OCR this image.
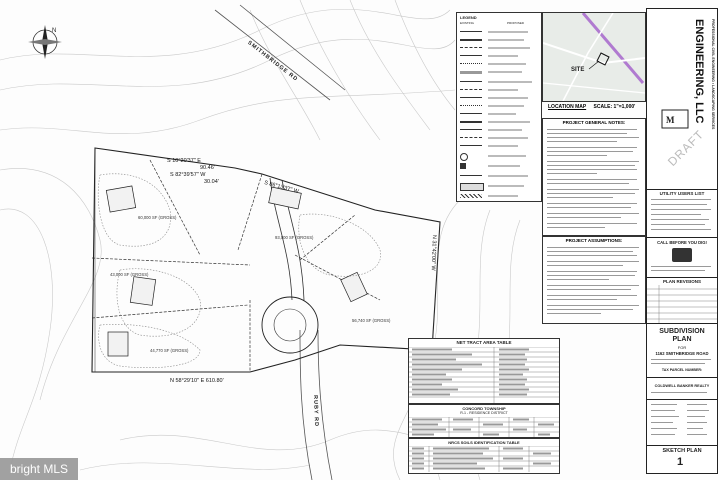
N
SMITHBRIDGE RD
RUBY RD
S 10°20'37" E
90.46'
S 82°39'57" W
30.04'	S 86°13'37" W
N 58°29'10" E 610.80'
N 31°42'00" W
60,000 SF (GROSS)
93,000 SF (GROSS)
43,000 SF (GROSS)
44,770 SF (GROSS)
56,740 SF (GROSS)
LEGEND
EXISTING	PROPOSED
SITE
LOCATION MAP SCALE: 1"=1,000'
PROJECT GENERAL NOTES:
PROJECT ASSUMPTIONS:
NET TRACT AREA TABLE
CONCORD TOWNSHIP
R-1 - RESIDENCE DISTRICT
NRCS SOILS IDENTIFICATION TABLE
ENGINEERING, LLC PROFESSIONAL CIVIL ENGINEERING • LANDSCAPING SERVICES
M
DRAFT
UTILITY USERS LIST
CALL BEFORE YOU DIG!
PLAN REVISIONS
SUBDIVISION
PLAN
FOR
1162 SMITHBRIDGE ROAD
TAX PARCEL NUMBER:
COLDWELL BANKER REALTY
SKETCH PLAN
1
bright MLS
